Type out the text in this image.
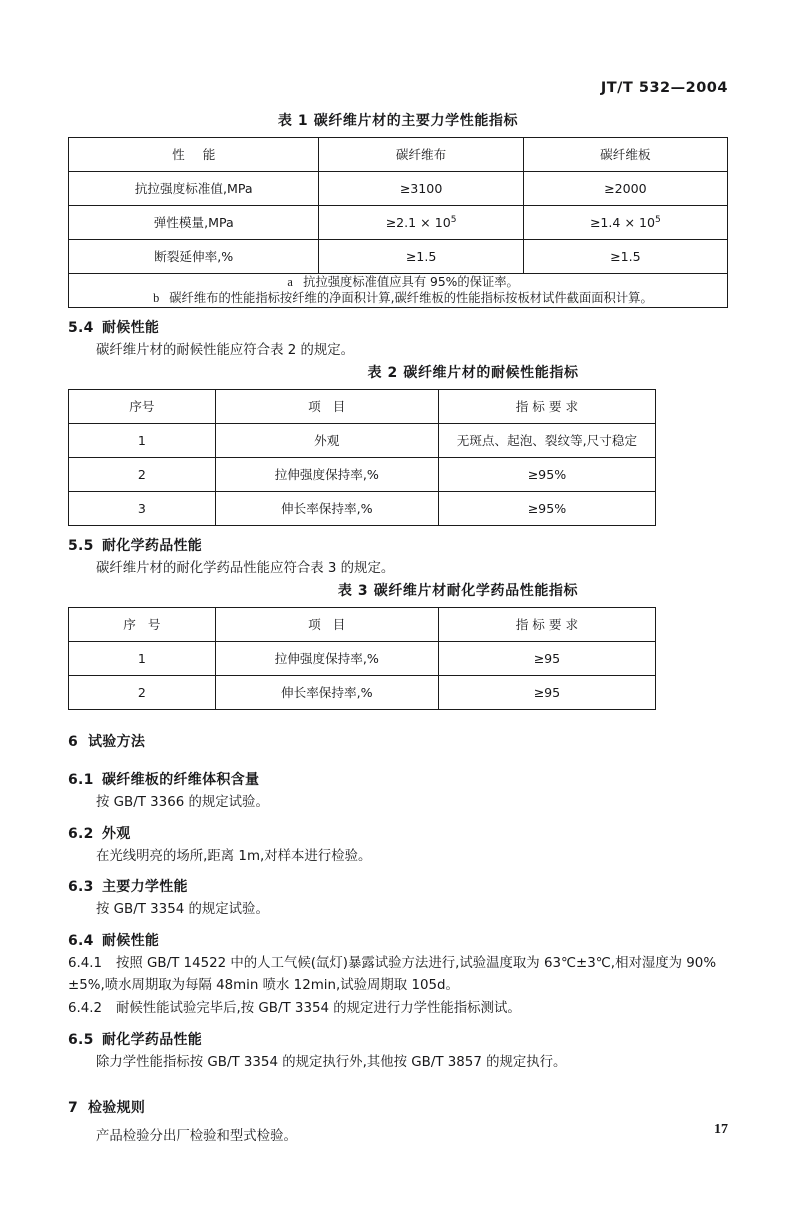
JT/T 532—2004
表 1 碳纤维片材的主要力学性能指标
性 能	碳纤维布	碳纤维板
抗拉强度标准值,MPa	≥3100	≥2000
弹性模量,MPa	$\ge 2.1 \times 10^5$	$\ge 1.4 \times 10^5$
断裂延伸率,%	≥1.5	≥1.5

a 抗拉强度标准值应具有 95%的保证率。
b 碳纤维布的性能指标按纤维的净面积计算,碳纤维板的性能指标按板材试件截面面积计算。		
5.4 耐候性能

碳纤维片材的耐候性能应符合表 2 的规定。

表 2 碳纤维片材的耐候性能指标
序号	项 目	指 标 要 求
1	外观	无斑点、起泡、裂纹等,尺寸稳定
2	拉伸强度保持率,%	≥95%
3	伸长率保持率,%	≥95%
5.5 耐化学药品性能

碳纤维片材的耐化学药品性能应符合表 3 的规定。

表 3 碳纤维片材耐化学药品性能指标
序 号	项 目	指 标 要 求
1	拉伸强度保持率,%	≥95
2	伸长率保持率,%	≥95
6 试验方法
6.1 碳纤维板的纤维体积含量

按 GB/T 3366 的规定试验。

6.2 外观

在光线明亮的场所,距离 1m,对样本进行检验。

6.3 主要力学性能

按 GB/T 3354 的规定试验。

6.4 耐候性能

6.4.1 按照 GB/T 14522 中的人工气候(氙灯)暴露试验方法进行,试验温度取为 63℃±3℃,相对湿度为 90%±5%,喷水周期取为每隔 48min 喷水 12min,试验周期取 105d。

6.4.2 耐候性能试验完毕后,按 GB/T 3354 的规定进行力学性能指标测试。

6.5 耐化学药品性能

除力学性能指标按 GB/T 3354 的规定执行外,其他按 GB/T 3857 的规定执行。

7 检验规则

产品检验分出厂检验和型式检验。	17
